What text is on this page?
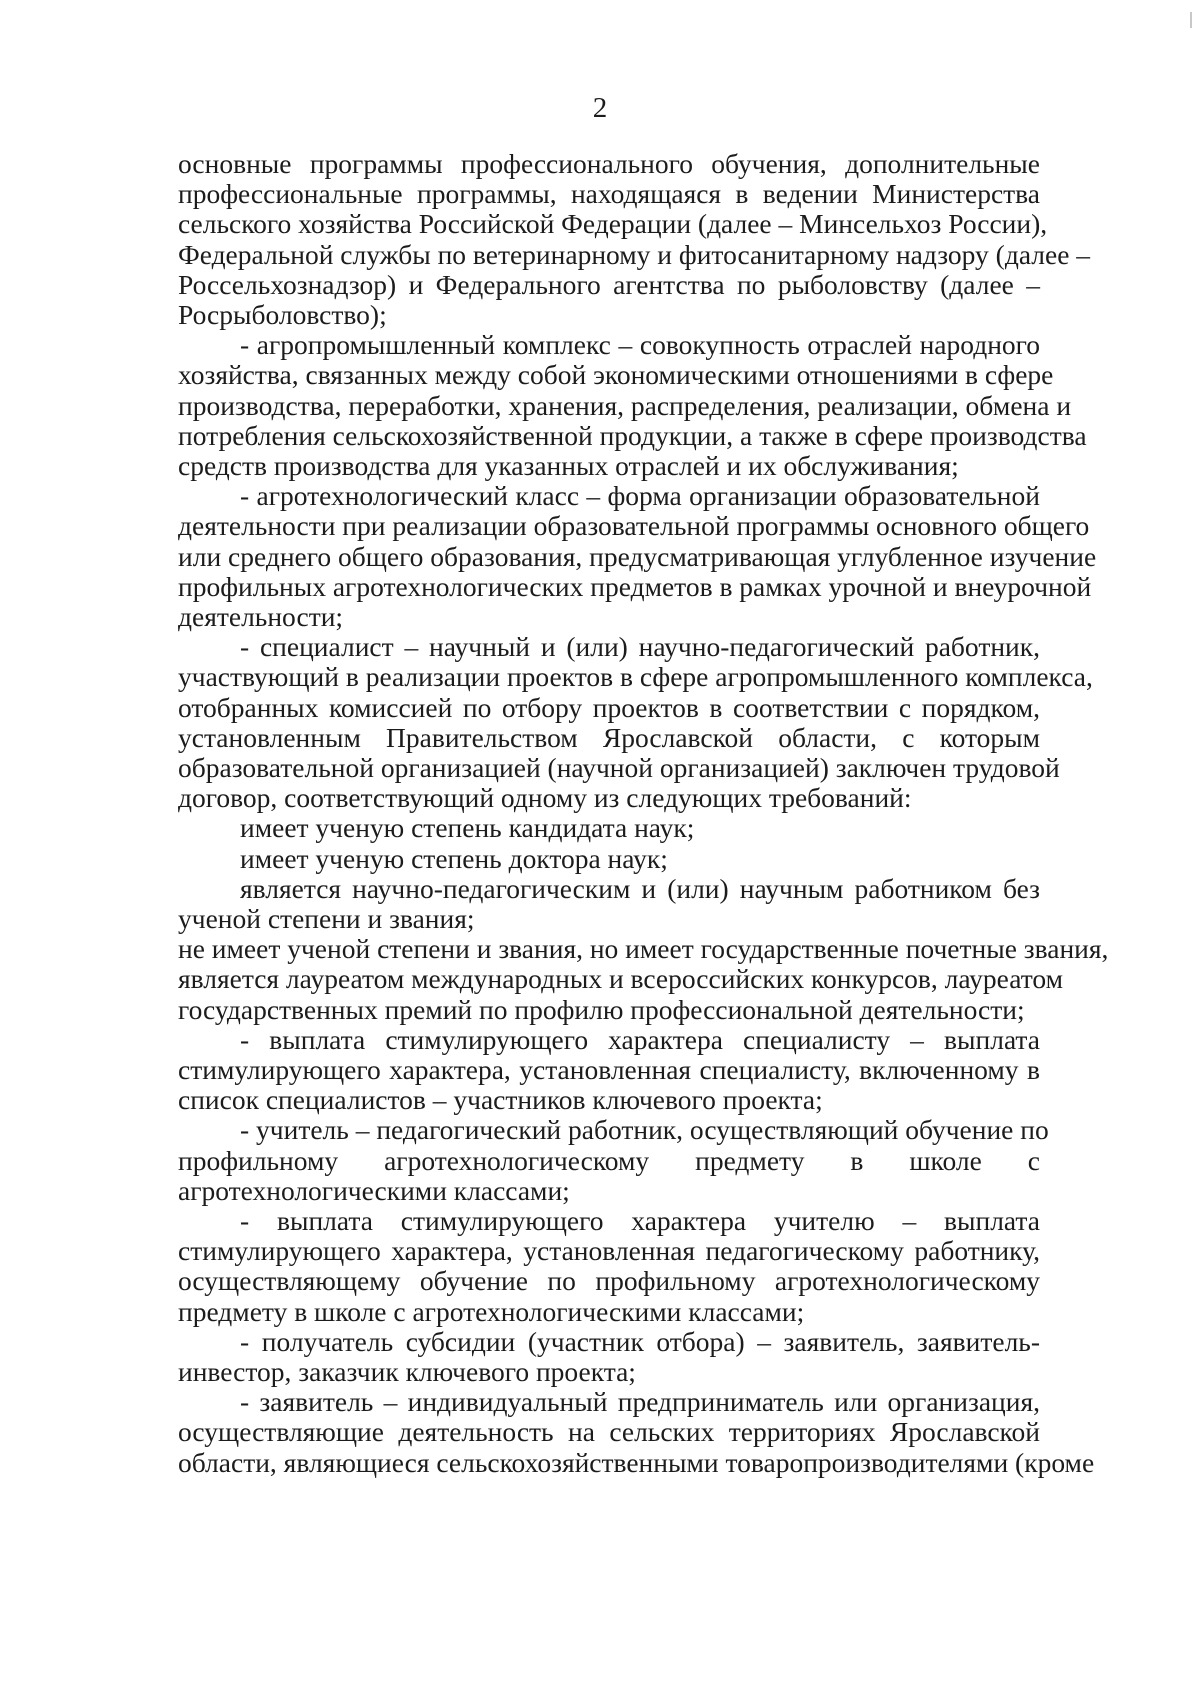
2
основные программы профессионального обучения, дополнительные
профессиональные программы, находящаяся в ведении Министерства
сельского хозяйства Российской Федерации (далее – Минсельхоз России),
Федеральной службы по ветеринарному и фитосанитарному надзору (далее –
Россельхознадзор) и Федерального агентства по рыболовству (далее –
Росрыболовство);
- агропромышленный комплекс – совокупность отраслей народного
хозяйства, связанных между собой экономическими отношениями в сфере
производства, переработки, хранения, распределения, реализации, обмена и
потребления сельскохозяйственной продукции, а также в сфере производства
средств производства для указанных отраслей и их обслуживания;
- агротехнологический класс – форма организации образовательной
деятельности при реализации образовательной программы основного общего
или среднего общего образования, предусматривающая углубленное изучение
профильных агротехнологических предметов в рамках урочной и внеурочной
деятельности;
- специалист – научный и (или) научно-педагогический работник,
участвующий в реализации проектов в сфере агропромышленного комплекса,
отобранных комиссией по отбору проектов в соответствии с порядком,
установленным Правительством Ярославской области, с которым
образовательной организацией (научной организацией) заключен трудовой
договор, соответствующий одному из следующих требований:
имеет ученую степень кандидата наук;
имеет ученую степень доктора наук;
является научно-педагогическим и (или) научным работником без
ученой степени и звания;
не имеет ученой степени и звания, но имеет государственные почетные звания,
является лауреатом международных и всероссийских конкурсов, лауреатом
государственных премий по профилю профессиональной деятельности;
- выплата стимулирующего характера специалисту – выплата
стимулирующего характера, установленная специалисту, включенному в
список специалистов – участников ключевого проекта;
- учитель – педагогический работник, осуществляющий обучение по
профильному агротехнологическому предмету в школе с
агротехнологическими классами;
- выплата стимулирующего характера учителю – выплата
стимулирующего характера, установленная педагогическому работнику,
осуществляющему обучение по профильному агротехнологическому
предмету в школе с агротехнологическими классами;
- получатель субсидии (участник отбора) – заявитель, заявитель-
инвестор, заказчик ключевого проекта;
- заявитель – индивидуальный предприниматель или организация,
осуществляющие деятельность на сельских территориях Ярославской
области, являющиеся сельскохозяйственными товаропроизводителями (кроме
